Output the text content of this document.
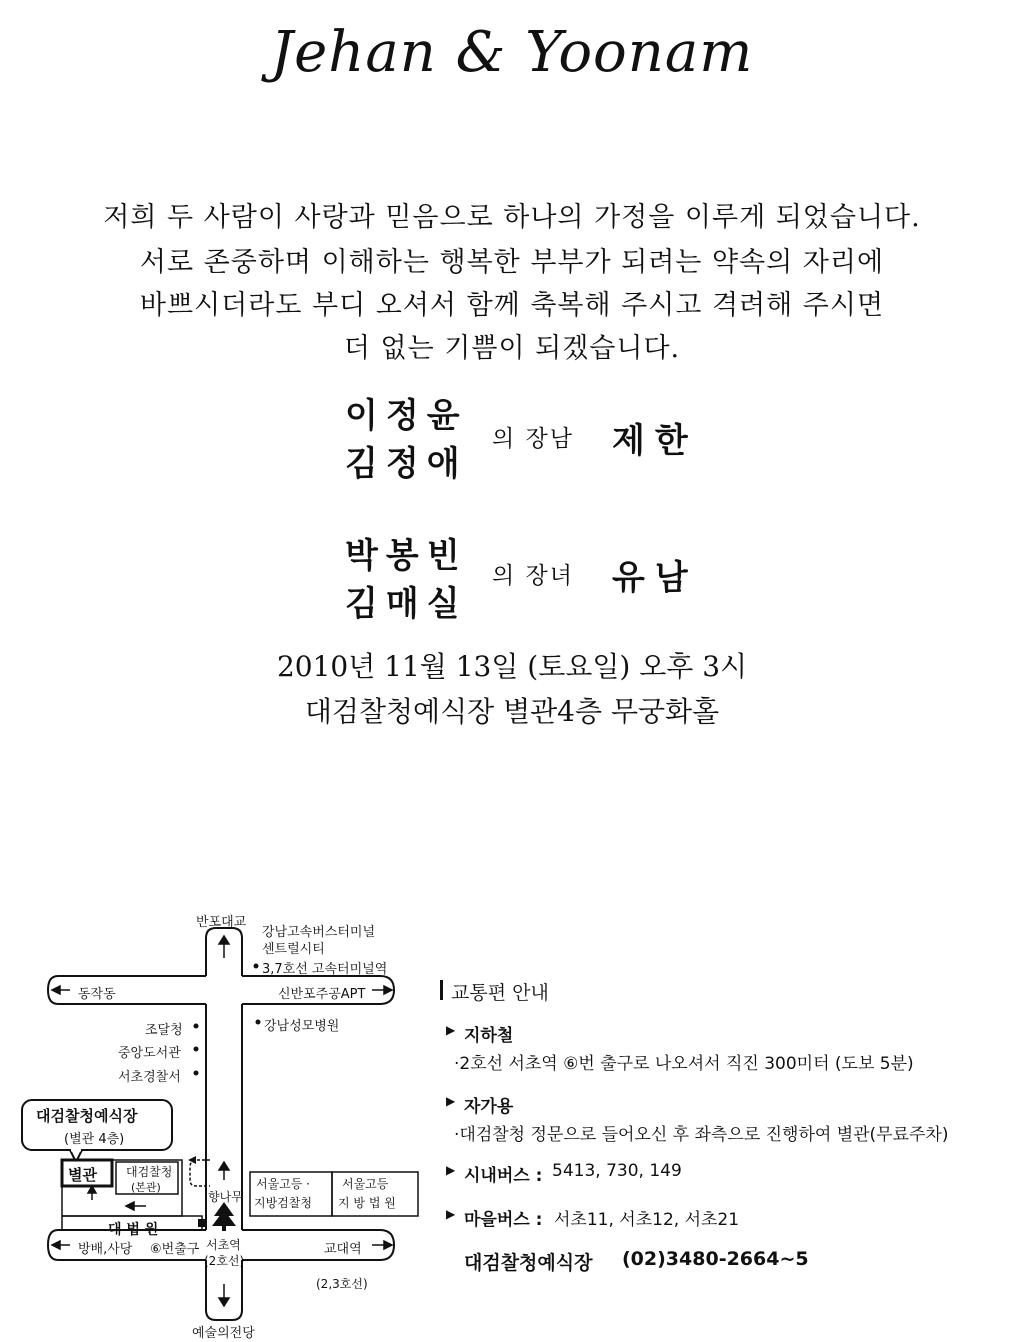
Jehan & Yoonam
저희 두 사람이 사랑과 믿음으로 하나의 가정을 이루게 되었습니다.
서로 존중하며 이해하는 행복한 부부가 되려는 약속의 자리에
바쁘시더라도 부디 오셔서 함께 축복해 주시고 격려해 주시면
더 없는 기쁨이 되겠습니다.
이정윤
김정애
의 장남 제한
박봉빈
김매실
의 장녀 유남
2010년 11월 13일 (토요일) 오후 3시
대검찰청예식장 별관4층 무궁화홀
반포대교
강남고속버스터미널
센트럴시티
3,7호선 고속터미널역
동작동	신반포주공APT
조달청
중앙도서관
서초경찰서
강남성모병원
대검찰청예식장
(별관 4층)
별관 대검찰청
(본관)
향나무
서울고등 ·
지방검찰청
서울고등
지 방 법 원
대 법 원
방배,사당 ⑥번출구 서초역
(2호선)
교대역
(2,3호선)
예술의전당
교통편 안내
▶ 지하철
·2호선 서초역 ⑥번 출구로 나오셔서 직진 300미터 (도보 5분)
▶ 자가용
·대검찰청 정문으로 들어오신 후 좌측으로 진행하여 별관(무료주차)
▶ 시내버스 : 5413, 730, 149
▶ 마을버스 : 서초11, 서초12, 서초21
대검찰청예식장 (02)3480-2664~5
